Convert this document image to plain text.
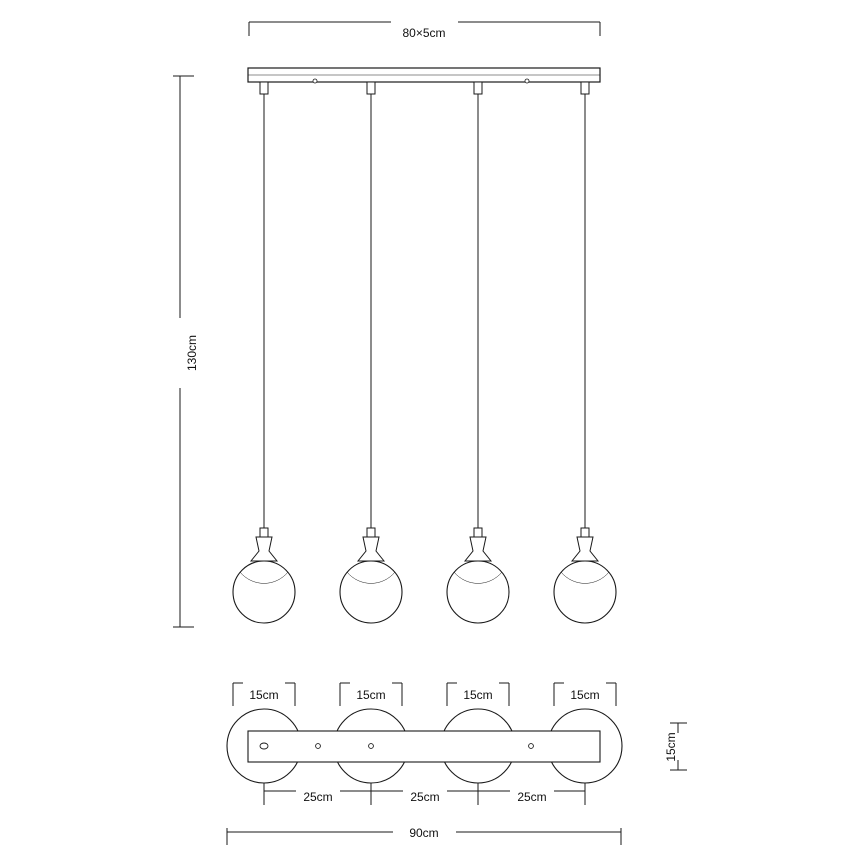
80×5cm
130cm
15cm	15cm	15cm	15cm
15cm
25cm	25cm	25cm
90cm
